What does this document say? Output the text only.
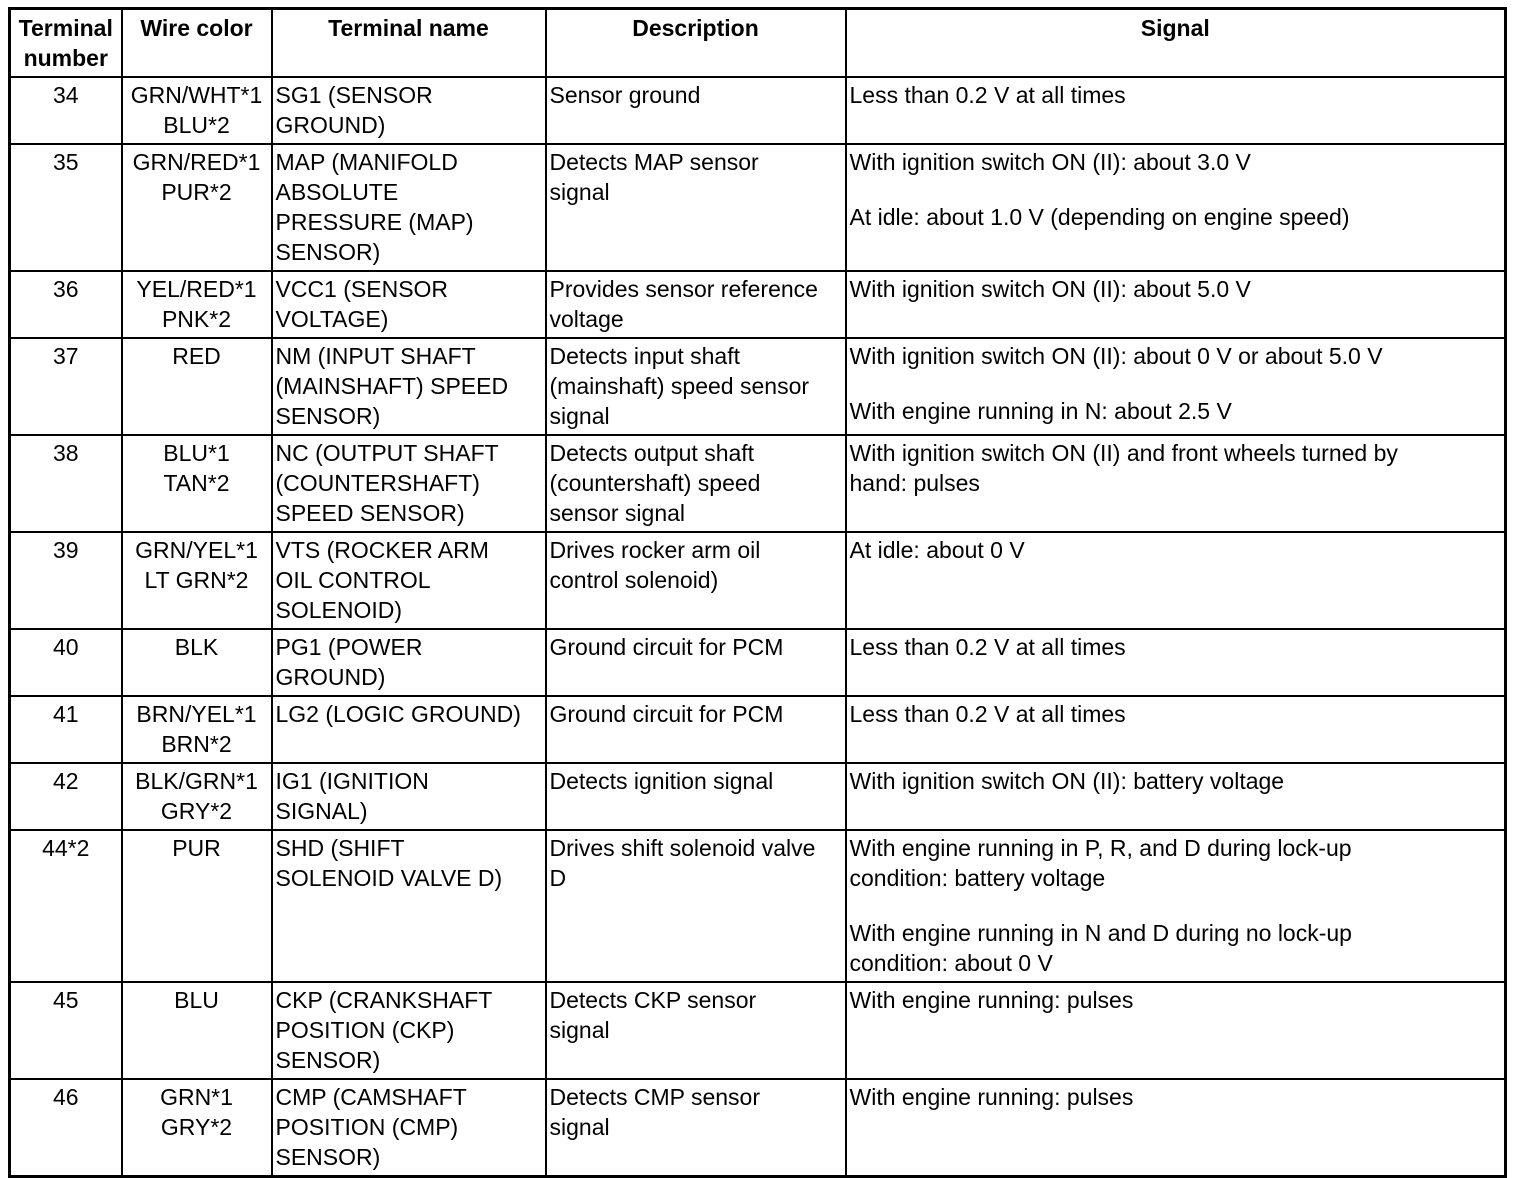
Terminal
number	Wire color	Terminal name	Description	Signal
34	GRN/WHT*1
BLU*2	SG1 (SENSOR
GROUND)	Sensor ground	Less than 0.2 V at all times

35	GRN/RED*1
PUR*2	MAP (MANIFOLD
ABSOLUTE
PRESSURE (MAP)
SENSOR)	Detects MAP sensor
signal	With ignition switch ON (II): about 3.0 V
At idle: about 1.0 V (depending on engine speed)

36	YEL/RED*1
PNK*2	VCC1 (SENSOR
VOLTAGE)	Provides sensor reference
voltage	With ignition switch ON (II): about 5.0 V

37	RED	NM (INPUT SHAFT
(MAINSHAFT) SPEED
SENSOR)	Detects input shaft
(mainshaft) speed sensor
signal	With ignition switch ON (II): about 0 V or about 5.0 V
With engine running in N: about 2.5 V

38	BLU*1
TAN*2	NC (OUTPUT SHAFT
(COUNTERSHAFT)
SPEED SENSOR)	Detects output shaft
(countershaft) speed
sensor signal	With ignition switch ON (II) and front wheels turned by
hand: pulses

39	GRN/YEL*1
LT GRN*2	VTS (ROCKER ARM
OIL CONTROL
SOLENOID)	Drives rocker arm oil
control solenoid)	At idle: about 0 V

40	BLK	PG1 (POWER
GROUND)	Ground circuit for PCM	Less than 0.2 V at all times

41	BRN/YEL*1
BRN*2	LG2 (LOGIC GROUND)	Ground circuit for PCM	Less than 0.2 V at all times

42	BLK/GRN*1
GRY*2	IG1 (IGNITION
SIGNAL)	Detects ignition signal	With ignition switch ON (II): battery voltage

44*2	PUR	SHD (SHIFT
SOLENOID VALVE D)	Drives shift solenoid valve
D	With engine running in P, R, and D during lock-up
condition: battery voltage
With engine running in N and D during no lock-up
condition: about 0 V

45	BLU	CKP (CRANKSHAFT
POSITION (CKP)
SENSOR)	Detects CKP sensor
signal	With engine running: pulses

46	GRN*1
GRY*2	CMP (CAMSHAFT
POSITION (CMP)
SENSOR)	Detects CMP sensor
signal	With engine running: pulses
